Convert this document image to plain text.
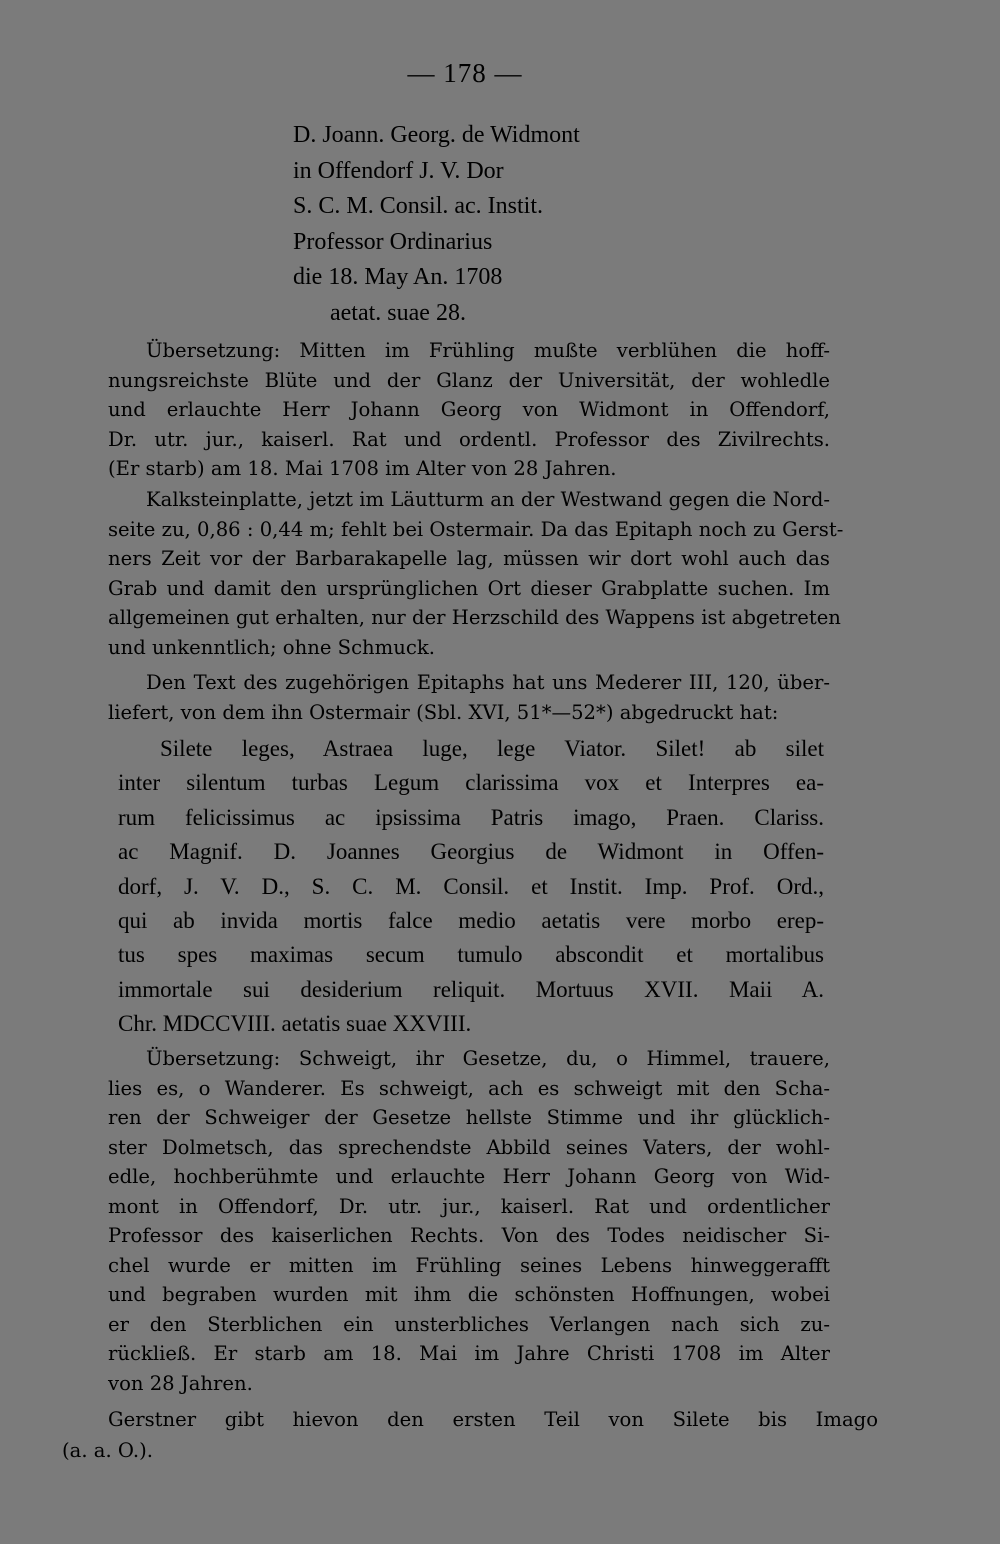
— 178 —
D. Joann. Georg. de Widmont
in Offendorf J. V. Dor
S. C. M. Consil. ac. Instit.
Professor Ordinarius
die 18. May An. 1708
aetat. suae 28.
Übersetzung: Mitten im Frühling mußte verblühen die hoff-
nungsreichste Blüte und der Glanz der Universität, der wohledle
und erlauchte Herr Johann Georg von Widmont in Offendorf,
Dr. utr. jur., kaiserl. Rat und ordentl. Professor des Zivilrechts.
(Er starb) am 18. Mai 1708 im Alter von 28 Jahren.
Kalksteinplatte, jetzt im Läutturm an der Westwand gegen die Nord-
seite zu, 0,86 : 0,44 m; fehlt bei Ostermair. Da das Epitaph noch zu Gerst-
ners Zeit vor der Barbarakapelle lag, müssen wir dort wohl auch das
Grab und damit den ursprünglichen Ort dieser Grabplatte suchen. Im
allgemeinen gut erhalten, nur der Herzschild des Wappens ist abgetreten
und unkenntlich; ohne Schmuck.
Den Text des zugehörigen Epitaphs hat uns Mederer III, 120, über-
liefert, von dem ihn Ostermair (Sbl. XVI, 51*—52*) abgedruckt hat:
Silete leges, Astraea luge, lege Viator. Silet! ab silet
inter silentum turbas Legum clarissima vox et Interpres ea-
rum felicissimus ac ipsissima Patris imago, Praen. Clariss.
ac Magnif. D. Joannes Georgius de Widmont in Offen-
dorf, J. V. D., S. C. M. Consil. et Instit. Imp. Prof. Ord.,
qui ab invida mortis falce medio aetatis vere morbo erep-
tus spes maximas secum tumulo abscondit et mortalibus
immortale sui desiderium reliquit. Mortuus XVII. Maii A.
Chr. MDCCVIII. aetatis suae XXVIII.
Übersetzung: Schweigt, ihr Gesetze, du, o Himmel, trauere,
lies es, o Wanderer. Es schweigt, ach es schweigt mit den Scha-
ren der Schweiger der Gesetze hellste Stimme und ihr glücklich-
ster Dolmetsch, das sprechendste Abbild seines Vaters, der wohl-
edle, hochberühmte und erlauchte Herr Johann Georg von Wid-
mont in Offendorf, Dr. utr. jur., kaiserl. Rat und ordentlicher
Professor des kaiserlichen Rechts. Von des Todes neidischer Si-
chel wurde er mitten im Frühling seines Lebens hinweggerafft
und begraben wurden mit ihm die schönsten Hoffnungen, wobei
er den Sterblichen ein unsterbliches Verlangen nach sich zu-
rückließ. Er starb am 18. Mai im Jahre Christi 1708 im Alter
von 28 Jahren.
Gerstner gibt hievon den ersten Teil von Silete bis Imago
(a. a. O.).
